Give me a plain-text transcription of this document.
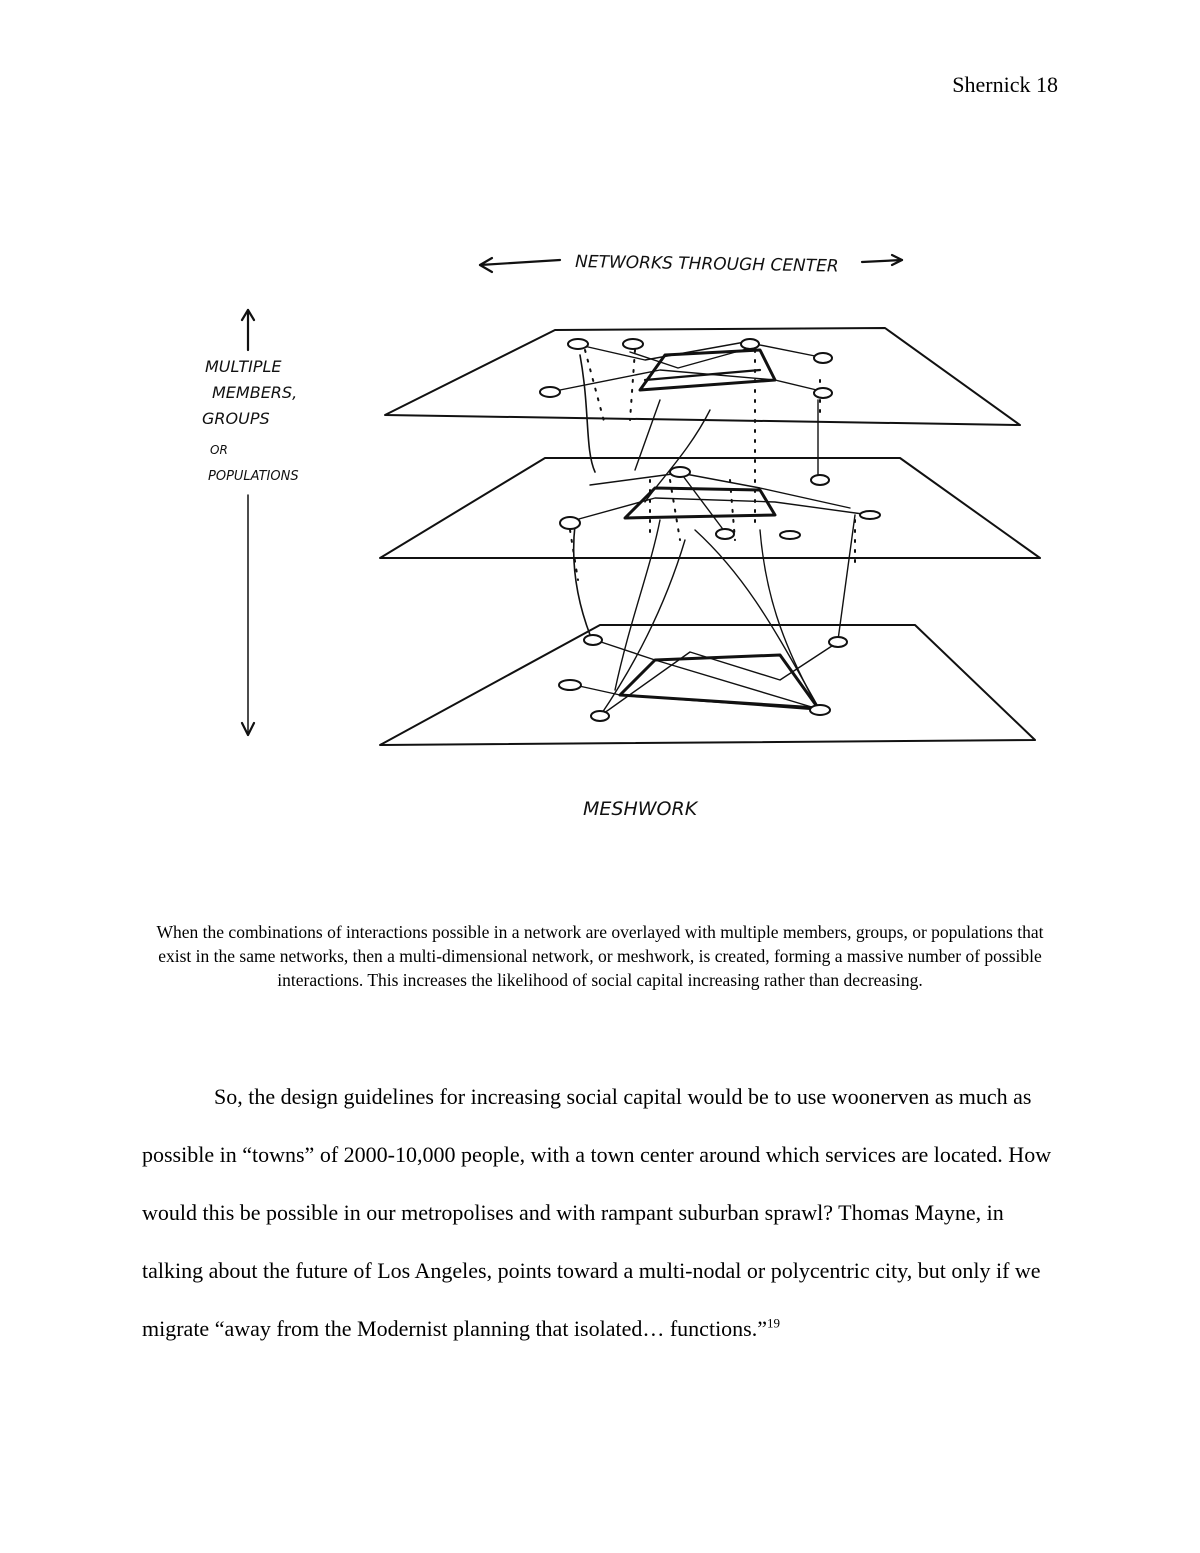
Shernick 18
NETWORKS THROUGH CENTER
MULTIPLE
MEMBERS,
GROUPS
OR
POPULATIONS
MESHWORK
When the combinations of interactions possible in a network are overlayed with multiple members, groups, or populations that exist in the same networks, then a multi-dimensional network, or meshwork, is created, forming a massive number of possible interactions. This increases the likelihood of social capital increasing rather than decreasing.

So, the design guidelines for increasing social capital would be to use woonerven as much as possible in “towns” of 2000-10,000 people, with a town center around which services are located. How would this be possible in our metropolises and with rampant suburban sprawl? Thomas Mayne, in talking about the future of Los Angeles, points toward a multi-nodal or polycentric city, but only if we migrate “away from the Modernist planning that isolated… functions.”$^{19}$
